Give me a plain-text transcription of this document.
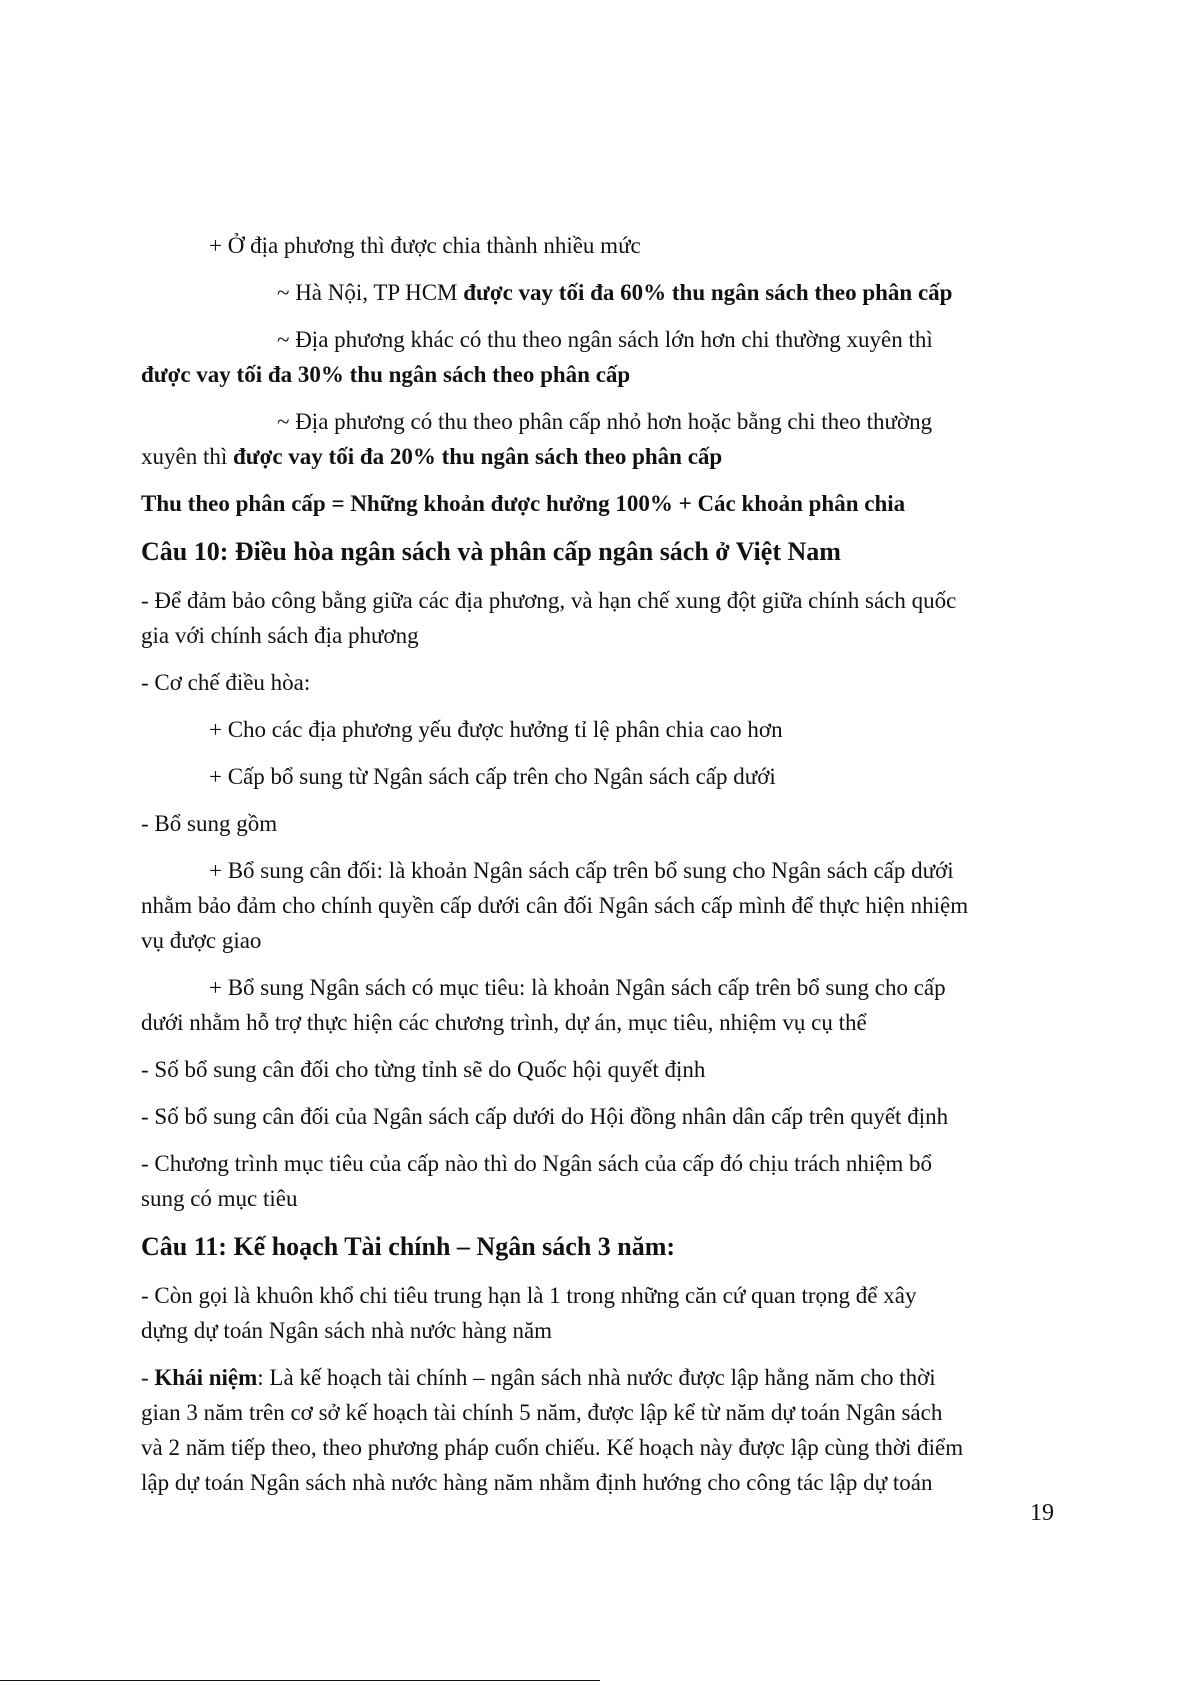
+ Ở địa phương thì được chia thành nhiều mức
~ Hà Nội, TP HCM được vay tối đa 60% thu ngân sách theo phân cấp
~ Địa phương khác có thu theo ngân sách lớn hơn chi thường xuyên thì
được vay tối đa 30% thu ngân sách theo phân cấp
~ Địa phương có thu theo phân cấp nhỏ hơn hoặc bằng chi theo thường
xuyên thì được vay tối đa 20% thu ngân sách theo phân cấp
Thu theo phân cấp = Những khoản được hưởng 100% + Các khoản phân chia
Câu 10: Điều hòa ngân sách và phân cấp ngân sách ở Việt Nam
- Để đảm bảo công bằng giữa các địa phương, và hạn chế xung đột giữa chính sách quốc
gia với chính sách địa phương
- Cơ chế điều hòa:
+ Cho các địa phương yếu được hưởng tỉ lệ phân chia cao hơn
+ Cấp bổ sung từ Ngân sách cấp trên cho Ngân sách cấp dưới
- Bổ sung gồm
+ Bổ sung cân đối: là khoản Ngân sách cấp trên bổ sung cho Ngân sách cấp dưới
nhằm bảo đảm cho chính quyền cấp dưới cân đối Ngân sách cấp mình để thực hiện nhiệm
vụ được giao
+ Bổ sung Ngân sách có mục tiêu: là khoản Ngân sách cấp trên bổ sung cho cấp
dưới nhằm hỗ trợ thực hiện các chương trình, dự án, mục tiêu, nhiệm vụ cụ thể
- Số bổ sung cân đối cho từng tỉnh sẽ do Quốc hội quyết định
- Số bổ sung cân đối của Ngân sách cấp dưới do Hội đồng nhân dân cấp trên quyết định
- Chương trình mục tiêu của cấp nào thì do Ngân sách của cấp đó chịu trách nhiệm bổ
sung có mục tiêu
Câu 11: Kế hoạch Tài chính – Ngân sách 3 năm:
- Còn gọi là khuôn khổ chi tiêu trung hạn là 1 trong những căn cứ quan trọng để xây
dựng dự toán Ngân sách nhà nước hàng năm
- Khái niệm: Là kế hoạch tài chính – ngân sách nhà nước được lập hằng năm cho thời
gian 3 năm trên cơ sở kế hoạch tài chính 5 năm, được lập kể từ năm dự toán Ngân sách
và 2 năm tiếp theo, theo phương pháp cuốn chiếu. Kế hoạch này được lập cùng thời điểm
lập dự toán Ngân sách nhà nước hàng năm nhằm định hướng cho công tác lập dự toán
19
